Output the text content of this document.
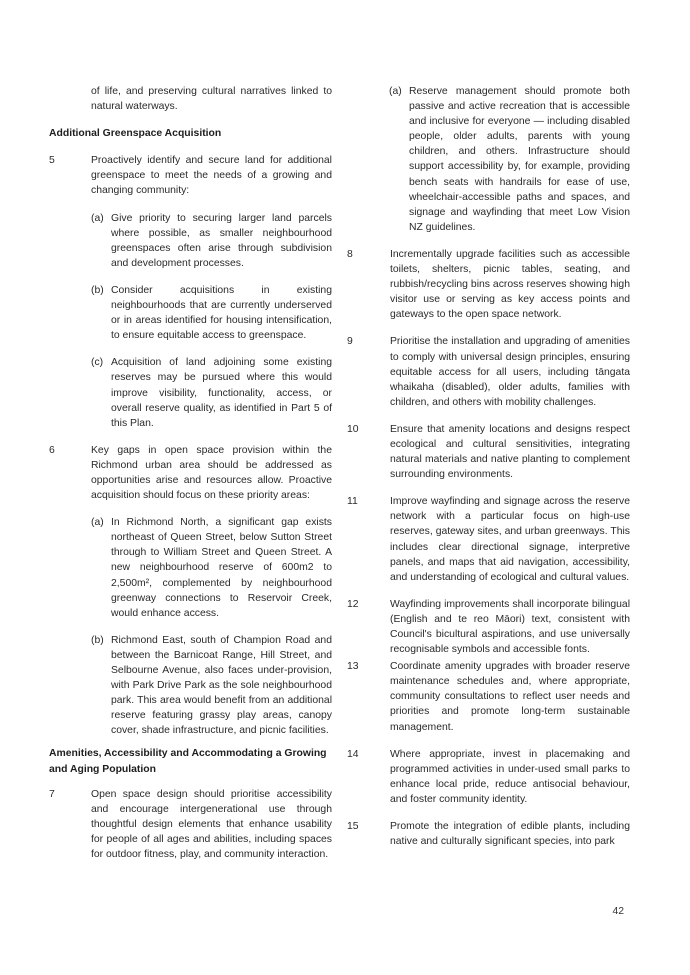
of life, and preserving cultural narratives linked to natural waterways.

Additional Greenspace Acquisition
5	Proactively identify and secure land for additional greenspace to meet the needs of a growing and changing community:

(a) Give priority to securing larger land parcels where possible, as smaller neighbourhood greenspaces often arise through subdivision and development processes.

(b) Consider acquisitions in existing neighbourhoods that are currently underserved or in areas identified for housing intensification, to ensure equitable access to greenspace.

(c) Acquisition of land adjoining some existing reserves may be pursued where this would improve visibility, functionality, access, or overall reserve quality, as identified in Part 5 of this Plan.

6	Key gaps in open space provision within the Richmond urban area should be addressed as opportunities arise and resources allow. Proactive acquisition should focus on these priority areas:

(a) In Richmond North, a significant gap exists northeast of Queen Street, below Sutton Street through to William Street and Queen Street. A new neighbourhood reserve of 600m2 to 2,500m², complemented by neighbourhood greenway connections to Reservoir Creek, would enhance access.

(b) Richmond East, south of Champion Road and between the Barnicoat Range, Hill Street, and Selbourne Avenue, also faces under-provision, with Park Drive Park as the sole neighbourhood park. This area would benefit from an additional reserve featuring grassy play areas, canopy cover, shade infrastructure, and picnic facilities.

Amenities, Accessibility and Accommodating a Growing and Aging Population
7	Open space design should prioritise accessibility and encourage intergenerational use through thoughtful design elements that enhance usability for people of all ages and abilities, including spaces for outdoor fitness, play, and community interaction.

(a) Reserve management should promote both passive and active recreation that is accessible and inclusive for everyone — including disabled people, older adults, parents with young children, and others. Infrastructure should support accessibility by, for example, providing bench seats with handrails for ease of use, wheelchair-accessible paths and spaces, and signage and wayfinding that meet Low Vision NZ guidelines.

8	Incrementally upgrade facilities such as accessible toilets, shelters, picnic tables, seating, and rubbish/recycling bins across reserves showing high visitor use or serving as key access points and gateways to the open space network.

9	Prioritise the installation and upgrading of amenities to comply with universal design principles, ensuring equitable access for all users, including tāngata whaikaha (disabled), older adults, families with children, and others with mobility challenges.

10	Ensure that amenity locations and designs respect ecological and cultural sensitivities, integrating natural materials and native planting to complement surrounding environments.

11	Improve wayfinding and signage across the reserve network with a particular focus on high-use reserves, gateway sites, and urban greenways. This includes clear directional signage, interpretive panels, and maps that aid navigation, accessibility, and understanding of ecological and cultural values.

12	Wayfinding improvements shall incorporate bilingual (English and te reo Māori) text, consistent with Council's bicultural aspirations, and use universally recognisable symbols and accessible fonts.

13	Coordinate amenity upgrades with broader reserve maintenance schedules and, where appropriate, community consultations to reflect user needs and priorities and promote long-term sustainable management.

14	Where appropriate, invest in placemaking and programmed activities in under-used small parks to enhance local pride, reduce antisocial behaviour, and foster community identity.

15	Promote the integration of edible plants, including native and culturally significant species, into park

42
